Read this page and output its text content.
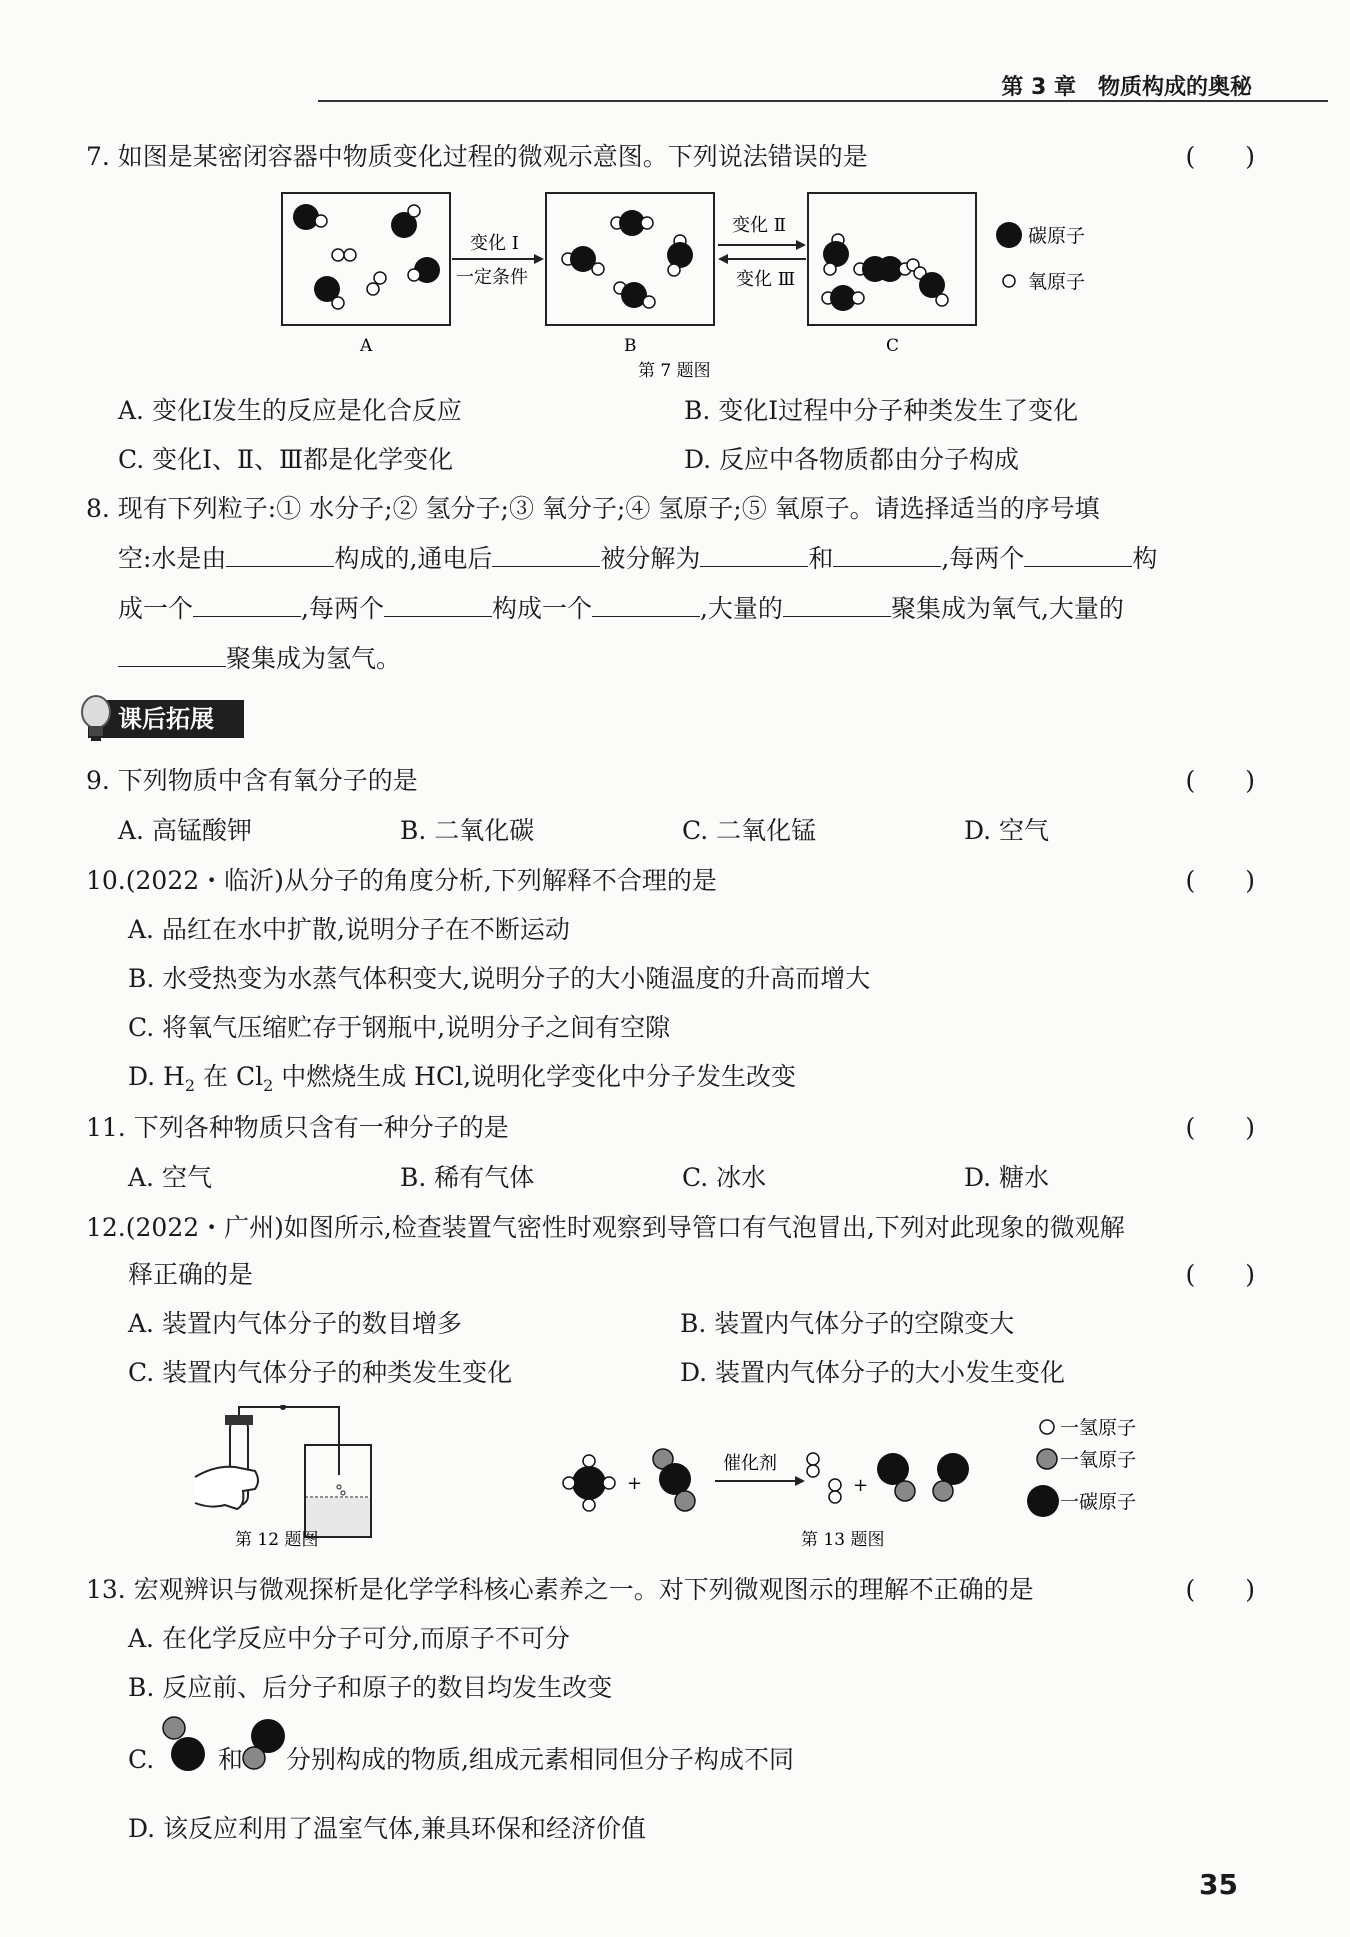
第 3 章　物质构成的奥秘
7. 如图是某密闭容器中物质变化过程的微观示意图。下列说法错误的是	(　　)
变化 Ⅰ
一定条件
变化 Ⅱ
变化 Ⅲ
碳原子
氧原子
A	B	C
第 7 题图
A. 变化Ⅰ发生的反应是化合反应	B. 变化Ⅰ过程中分子种类发生了变化
C. 变化Ⅰ、Ⅱ、Ⅲ都是化学变化	D. 反应中各物质都由分子构成
8. 现有下列粒子:① 水分子;② 氢分子;③ 氧分子;④ 氢原子;⑤ 氧原子。请选择适当的序号填
空:水是由	构成的,通电后	被分解为	和	,每两个	构
成一个	,每两个	构成一个	,大量的	聚集成为氧气,大量的
聚集成为氢气。
课后拓展
9. 下列物质中含有氧分子的是	(　　)
A. 高锰酸钾	B. 二氧化碳	C. 二氧化锰	D. 空气
10.(2022・临沂)从分子的角度分析,下列解释不合理的是	(　　)
A. 品红在水中扩散,说明分子在不断运动
B. 水受热变为水蒸气体积变大,说明分子的大小随温度的升高而增大
C. 将氧气压缩贮存于钢瓶中,说明分子之间有空隙
D. $H_2$ 在 $Cl_2$ 中燃烧生成 HCl,说明化学变化中分子发生改变
11. 下列各种物质只含有一种分子的是	(　　)
A. 空气	B. 稀有气体	C. 冰水	D. 糖水
12.(2022・广州)如图所示,检查装置气密性时观察到导管口有气泡冒出,下列对此现象的微观解
释正确的是	(　　)
A. 装置内气体分子的数目增多	B. 装置内气体分子的空隙变大
C. 装置内气体分子的种类发生变化	D. 装置内气体分子的大小发生变化
第 12 题图
+
催化剂
+
一氢原子
一氧原子
一碳原子
第 13 题图
13. 宏观辨识与微观探析是化学学科核心素养之一。对下列微观图示的理解不正确的是	(　　)
A. 在化学反应中分子可分,而原子不可分
B. 反应前、后分子和原子的数目均发生改变
C.	和 分别构成的物质,组成元素相同但分子构成不同
D. 该反应利用了温室气体,兼具环保和经济价值
35
